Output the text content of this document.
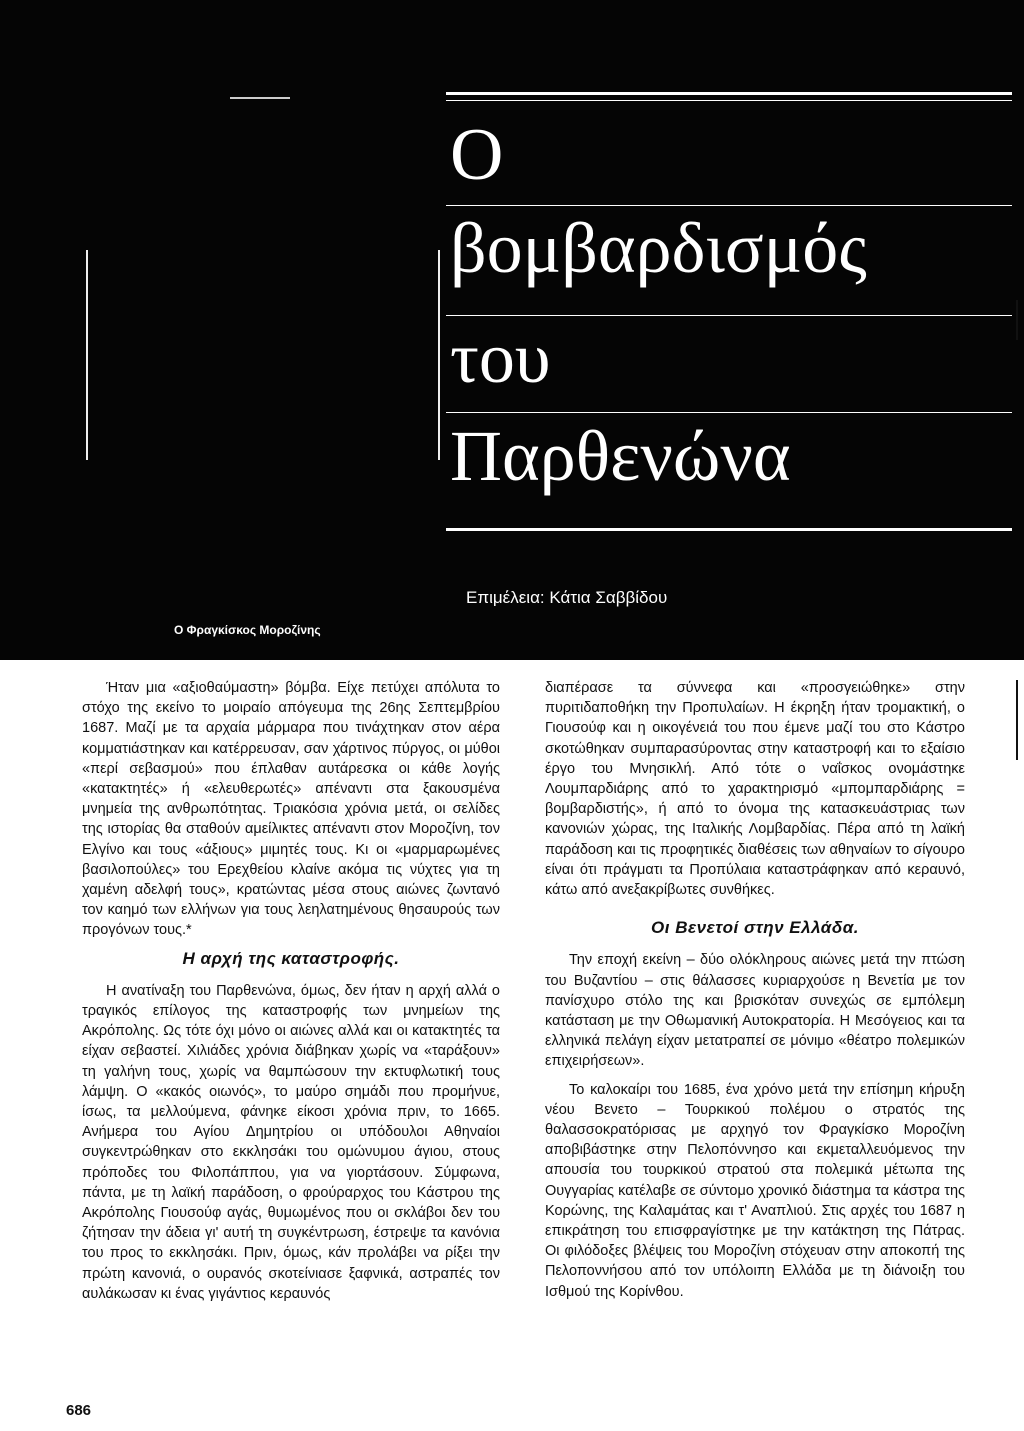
Ο
βομβαρδισμός
του
Παρθενώνα

Επιμέλεια: Κάτια Σαββίδου

Ο Φραγκίσκος Μοροζίνης

Ήταν μια «αξιοθαύμαστη» βόμβα. Είχε πετύχει απόλυτα το στόχο της εκείνο το μοιραίο απόγευμα της 26ης Σεπτεμβρίου 1687. Μαζί με τα αρχαία μάρμαρα που τινάχτηκαν στον αέρα κομματιάστηκαν και κατέρρευσαν, σαν χάρτινος πύργος, οι μύθοι «περί σεβασμού» που έπλαθαν αυτάρεσκα οι κάθε λογής «κατακτητές» ή «ελευθερωτές» απέναντι στα ξακουσμένα μνημεία της ανθρωπότητας. Τριακόσια χρόνια μετά, οι σελίδες της ιστορίας θα σταθούν αμείλικτες απέναντι στον Μοροζίνη, τον Ελγίνο και τους «άξιους» μιμητές τους. Κι οι «μαρμαρωμένες βασιλοπούλες» του Ερεχθείου κλαίνε ακόμα τις νύχτες για τη χαμένη αδελφή τους», κρατώντας μέσα στους αιώνες ζωντανό τον καημό των ελλήνων για τους λεηλατημένους θησαυρούς των προγόνων τους.*

Η αρχή της καταστροφής.

Η ανατίναξη του Παρθενώνα, όμως, δεν ήταν η αρχή αλλά ο τραγικός επίλογος της καταστροφής των μνημείων της Ακρόπολης. Ως τότε όχι μόνο οι αιώνες αλλά και οι κατακτητές τα είχαν σεβαστεί. Χιλιάδες χρόνια διάβηκαν χωρίς να «ταράξουν» τη γαλήνη τους, χωρίς να θαμπώσουν την εκτυφλωτική τους λάμψη. Ο «κακός οιωνός», το μαύρο σημάδι που προμήνυε, ίσως, τα μελλούμενα, φάνηκε είκοσι χρόνια πριν, το 1665. Ανήμερα του Αγίου Δημητρίου οι υπόδουλοι Αθηναίοι συγκεντρώθηκαν στο εκκλησάκι του ομώνυμου άγιου, στους πρόποδες του Φιλοπάππου, για να γιορτάσουν. Σύμφωνα, πάντα, με τη λαϊκή παράδοση, ο φρούραρχος του Κάστρου της Ακρόπολης Γιουσούφ αγάς, θυμωμένος που οι σκλάβοι δεν του ζήτησαν την άδεια γι' αυτή τη συγκέντρωση, έστρεψε τα κανόνια του προς το εκκλησάκι. Πριν, όμως, κάν προλάβει να ρίξει την πρώτη κανονιά, ο ουρανός σκοτείνιασε ξαφνικά, αστραπές τον αυλάκωσαν κι ένας γιγάντιος κεραυνός

διαπέρασε τα σύννεφα και «προσγειώθηκε» στην πυριτιδαποθήκη την Προπυλαίων. Η έκρηξη ήταν τρομακτική, ο Γιουσούφ και η οικογένειά του που έμενε μαζί του στο Κάστρο σκοτώθηκαν συμπαρασύροντας στην καταστροφή και το εξαίσιο έργο του Μνησικλή. Από τότε ο ναΐσκος ονομάστηκε Λουμπαρδιάρης από το χαρακτηρισμό «μπομπαρδιάρης = βομβαρδιστής», ή από το όνομα της κατασκευάστριας των κανονιών χώρας, της Ιταλικής Λομβαρδίας. Πέρα από τη λαϊκή παράδοση και τις προφητικές διαθέσεις των αθηναίων το σίγουρο είναι ότι πράγματι τα Προπύλαια καταστράφηκαν από κεραυνό, κάτω από ανεξακρίβωτες συνθήκες.

Οι Βενετοί στην Ελλάδα.

Την εποχή εκείνη – δύο ολόκληρους αιώνες μετά την πτώση του Βυζαντίου – στις θάλασσες κυριαρχούσε η Βενετία με τον πανίσχυρο στόλο της και βρισκόταν συνεχώς σε εμπόλεμη κατάσταση με την Οθωμανική Αυτοκρατορία. Η Μεσόγειος και τα ελληνικά πελάγη είχαν μετατραπεί σε μόνιμο «θέατρο πολεμικών επιχειρήσεων».

Το καλοκαίρι του 1685, ένα χρόνο μετά την επίσημη κήρυξη νέου Βενετο – Τουρκικού πολέμου ο στρατός της θαλασσοκρατόρισας με αρχηγό τον Φραγκίσκο Μοροζίνη αποβιβάστηκε στην Πελοπόννησο και εκμεταλλευόμενος την απουσία του τουρκικού στρατού στα πολεμικά μέτωπα της Ουγγαρίας κατέλαβε σε σύντομο χρονικό διάστημα τα κάστρα της Κορώνης, της Καλαμάτας και τ' Αναπλιού. Στις αρχές του 1687 η επικράτηση του επισφραγίστηκε με την κατάκτηση της Πάτρας. Οι φιλόδοξες βλέψεις του Μοροζίνη στόχευαν στην αποκοπή της Πελοποννήσου από τον υπόλοιπη Ελλάδα με τη διάνοιξη του Ισθμού της Κορίνθου.

686
